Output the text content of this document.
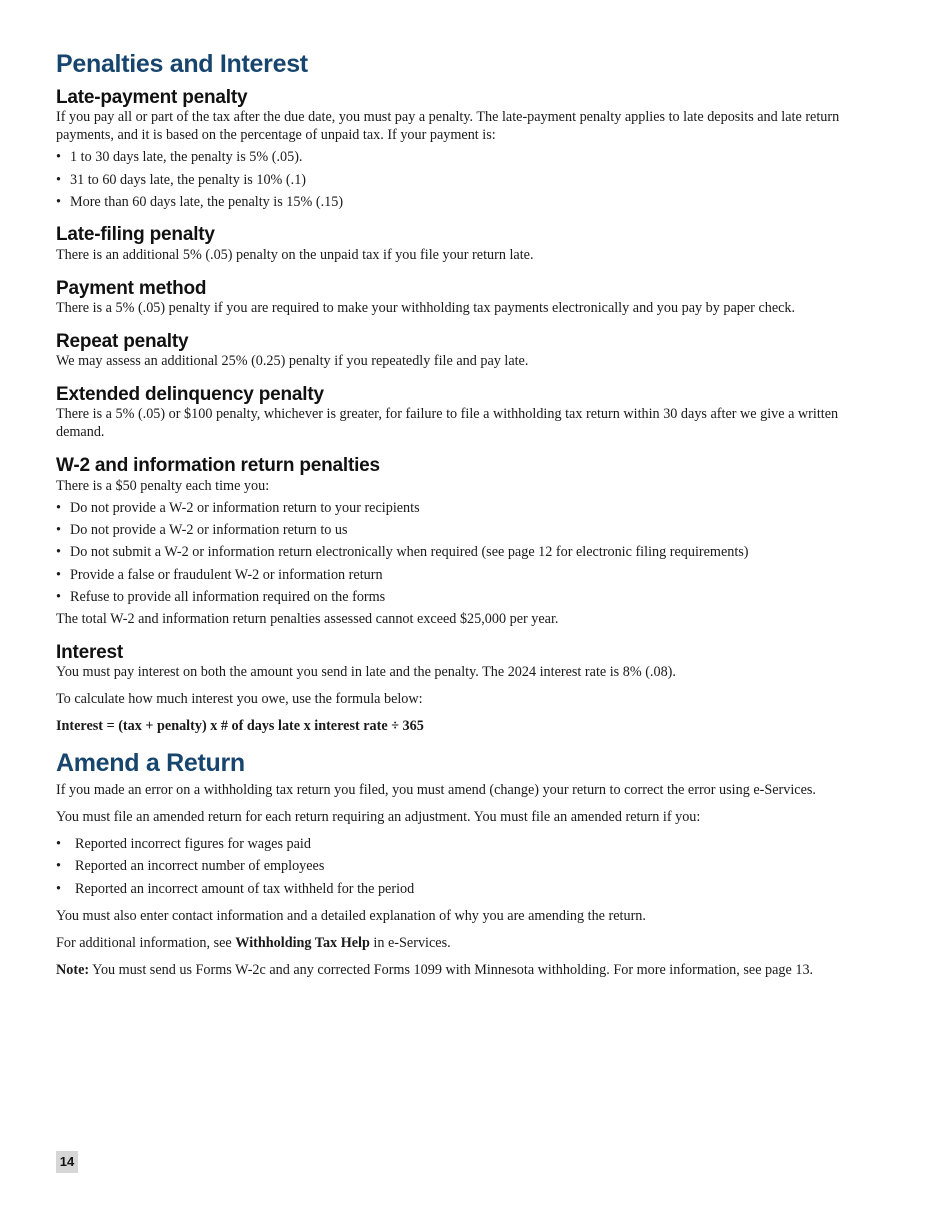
Penalties and Interest
Late-payment penalty
If you pay all or part of the tax after the due date, you must pay a penalty. The late-payment penalty applies to late deposits and late return payments, and it is based on the percentage of unpaid tax. If your payment is:
• 1 to 30 days late, the penalty is 5% (.05).
• 31 to 60 days late, the penalty is 10% (.1)
• More than 60 days late, the penalty is 15% (.15)
Late-filing penalty
There is an additional 5% (.05) penalty on the unpaid tax if you file your return late.
Payment method
There is a 5% (.05) penalty if you are required to make your withholding tax payments electronically and you pay by paper check.
Repeat penalty
We may assess an additional 25% (0.25) penalty if you repeatedly file and pay late.
Extended delinquency penalty
There is a 5% (.05) or $100 penalty, whichever is greater, for failure to file a withholding tax return within 30 days after we give a written demand.
W-2 and information return penalties
There is a $50 penalty each time you:
• Do not provide a W-2 or information return to your recipients
• Do not provide a W-2 or information return to us
• Do not submit a W-2 or information return electronically when required (see page 12 for electronic filing requirements)
• Provide a false or fraudulent W-2 or information return
• Refuse to provide all information required on the forms
The total W-2 and information return penalties assessed cannot exceed $25,000 per year.
Interest
You must pay interest on both the amount you send in late and the penalty. The 2024 interest rate is 8% (.08).
To calculate how much interest you owe, use the formula below:
Interest = (tax + penalty) x # of days late x interest rate ÷ 365
Amend a Return
If you made an error on a withholding tax return you filed, you must amend (change) your return to correct the error using e-Services.
You must file an amended return for each return requiring an adjustment. You must file an amended return if you:
• Reported incorrect figures for wages paid
• Reported an incorrect number of employees
• Reported an incorrect amount of tax withheld for the period
You must also enter contact information and a detailed explanation of why you are amending the return.
For additional information, see Withholding Tax Help in e-Services.
Note: You must send us Forms W-2c and any corrected Forms 1099 with Minnesota withholding. For more information, see page 13.
14
